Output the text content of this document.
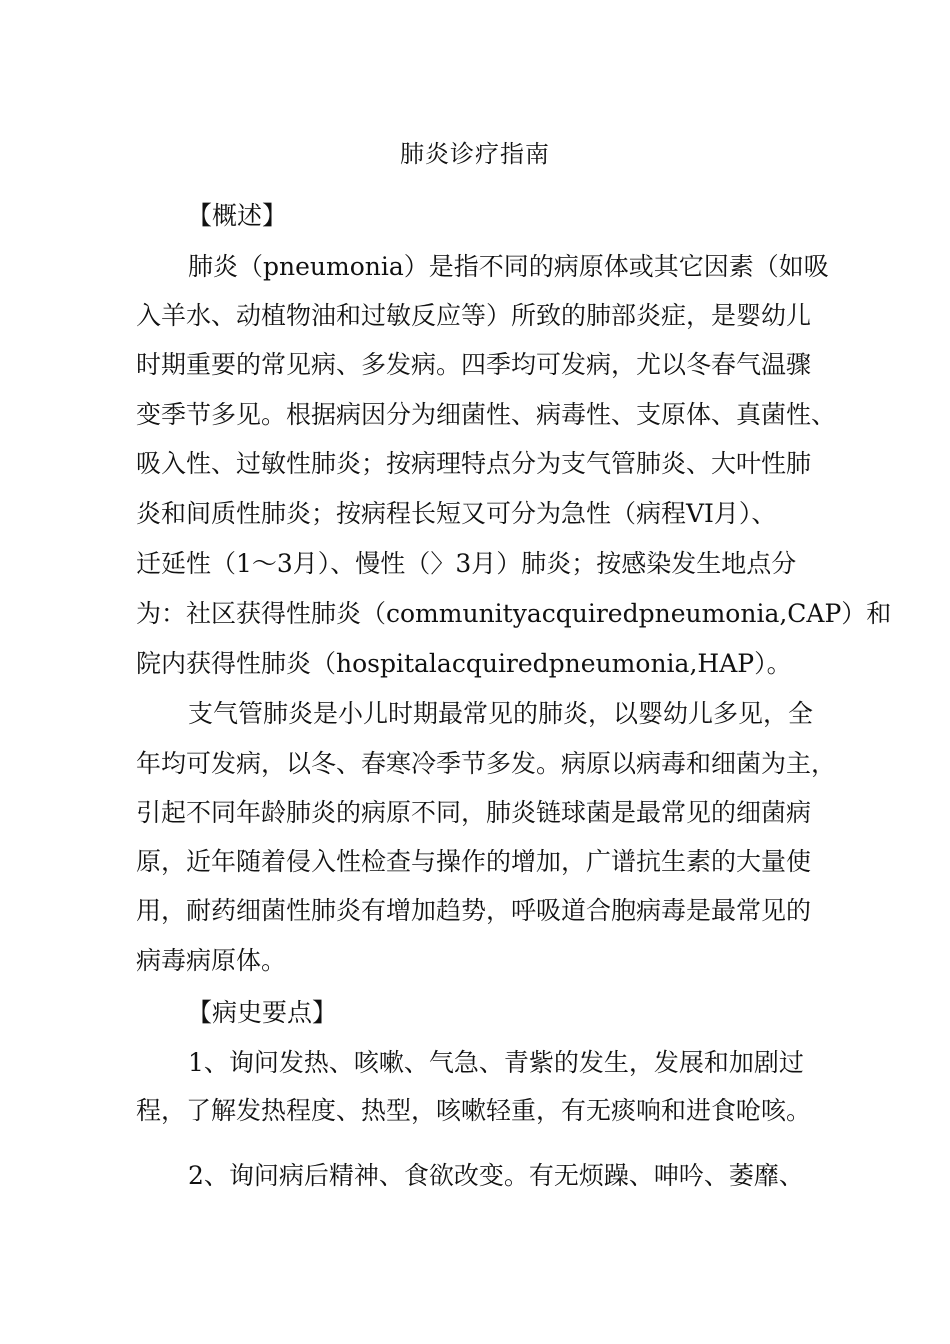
肺炎诊疗指南
【概述】
肺炎（pneumonia）是指不同的病原体或其它因素（如吸
入羊水、动植物油和过敏反应等）所致的肺部炎症，是婴幼儿
时期重要的常见病、多发病。四季均可发病，尤以冬春气温骤
变季节多见。根据病因分为细菌性、病毒性、支原体、真菌性、
吸入性、过敏性肺炎；按病理特点分为支气管肺炎、大叶性肺
炎和间质性肺炎；按病程长短又可分为急性（病程VI月）、
迁延性（1〜3月）、慢性（〉3月）肺炎；按感染发生地点分
为：社区获得性肺炎（communityacquiredpneumonia,CAP）和
院内获得性肺炎（hospitalacquiredpneumonia,HAP）。
支气管肺炎是小儿时期最常见的肺炎，以婴幼儿多见，全
年均可发病，以冬、春寒冷季节多发。病原以病毒和细菌为主，
引起不同年龄肺炎的病原不同，肺炎链球菌是最常见的细菌病
原，近年随着侵入性检查与操作的增加，广谱抗生素的大量使
用，耐药细菌性肺炎有增加趋势，呼吸道合胞病毒是最常见的
病毒病原体。
【病史要点】
1、询问发热、咳嗽、气急、青紫的发生，发展和加剧过
程，了解发热程度、热型，咳嗽轻重，有无痰响和进食呛咳。
2、询问病后精神、食欲改变。有无烦躁、呻吟、萎靡、
